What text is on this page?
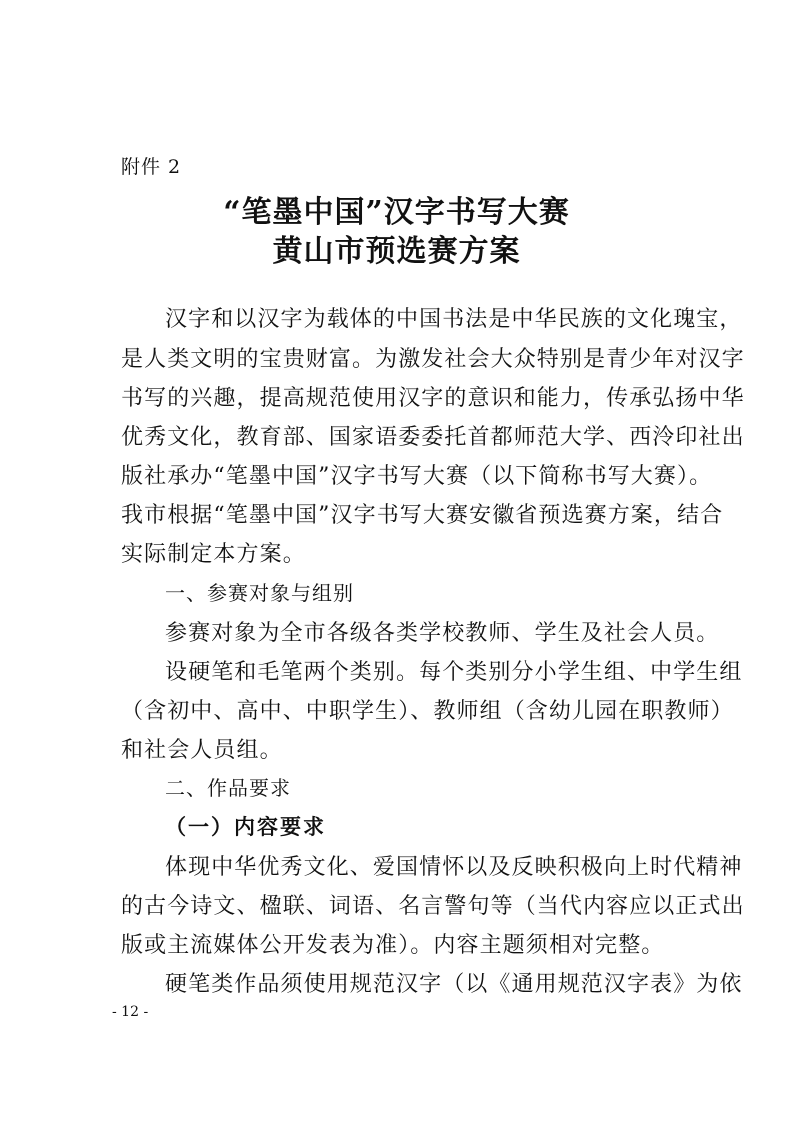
附件 2
“笔墨中国”汉字书写大赛
黄山市预选赛方案
汉字和以汉字为载体的中国书法是中华民族的文化瑰宝，
是人类文明的宝贵财富。为激发社会大众特别是青少年对汉字
书写的兴趣，提高规范使用汉字的意识和能力，传承弘扬中华
优秀文化，教育部、国家语委委托首都师范大学、西泠印社出
版社承办“笔墨中国”汉字书写大赛（以下简称书写大赛）。
我市根据“笔墨中国”汉字书写大赛安徽省预选赛方案，结合
实际制定本方案。
一、参赛对象与组别
参赛对象为全市各级各类学校教师、学生及社会人员。
设硬笔和毛笔两个类别。每个类别分小学生组、中学生组
（含初中、高中、中职学生）、教师组（含幼儿园在职教师）
和社会人员组。
二、作品要求
（一）内容要求
体现中华优秀文化、爱国情怀以及反映积极向上时代精神
的古今诗文、楹联、词语、名言警句等（当代内容应以正式出
版或主流媒体公开发表为准）。内容主题须相对完整。
硬笔类作品须使用规范汉字（以《通用规范汉字表》为依
- 12 -
